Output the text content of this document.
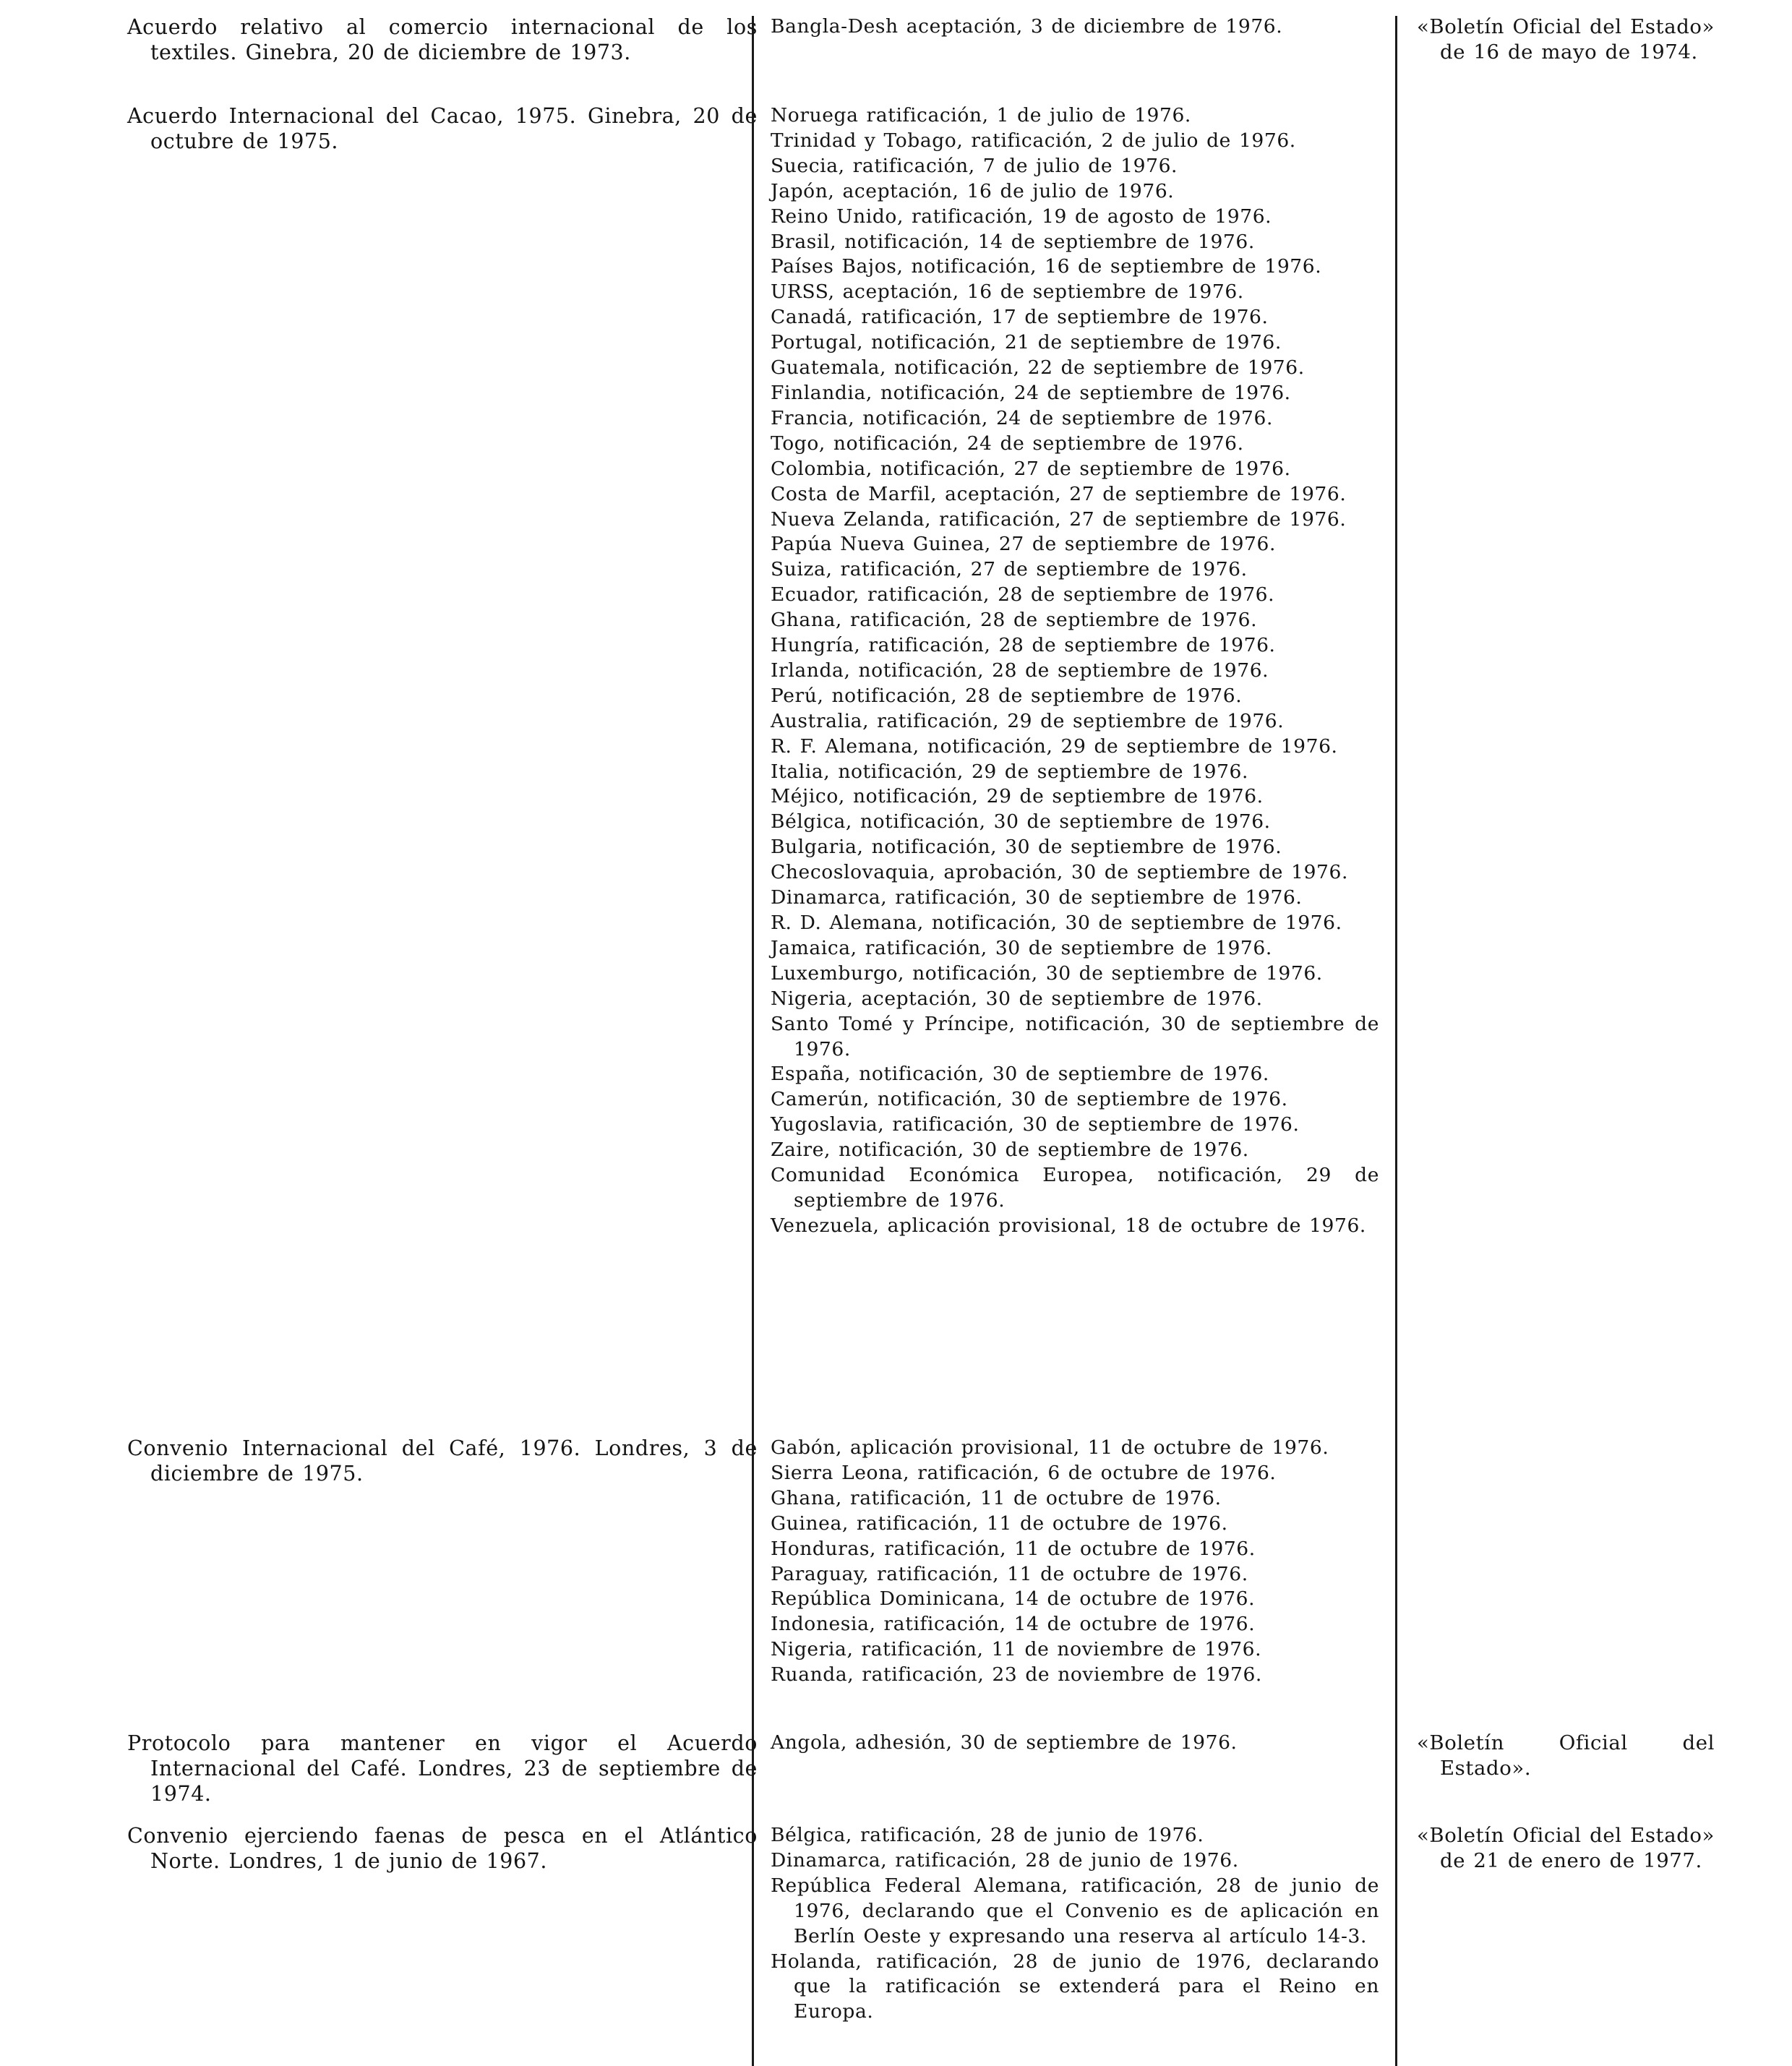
Acuerdo relativo al comercio internacional de los textiles. Ginebra, 20 de diciembre de 1973.

Bangla-Desh aceptación, 3 de diciembre de 1976.	«Boletín Oficial del Estado» de 16 de mayo de 1974.

Acuerdo Internacional del Cacao, 1975. Ginebra, 20 de octubre de 1975.

Noruega ratificación, 1 de julio de 1976.

Trinidad y Tobago, ratificación, 2 de julio de 1976.

Suecia, ratificación, 7 de julio de 1976.

Japón, aceptación, 16 de julio de 1976.

Reino Unido, ratificación, 19 de agosto de 1976.

Brasil, notificación, 14 de septiembre de 1976.

Países Bajos, notificación, 16 de septiembre de 1976.

URSS, aceptación, 16 de septiembre de 1976.

Canadá, ratificación, 17 de septiembre de 1976.

Portugal, notificación, 21 de septiembre de 1976.

Guatemala, notificación, 22 de septiembre de 1976.

Finlandia, notificación, 24 de septiembre de 1976.

Francia, notificación, 24 de septiembre de 1976.

Togo, notificación, 24 de septiembre de 1976.

Colombia, notificación, 27 de septiembre de 1976.

Costa de Marfil, aceptación, 27 de septiembre de 1976.

Nueva Zelanda, ratificación, 27 de septiembre de 1976.

Papúa Nueva Guinea, 27 de septiembre de 1976.

Suiza, ratificación, 27 de septiembre de 1976.

Ecuador, ratificación, 28 de septiembre de 1976.

Ghana, ratificación, 28 de septiembre de 1976.

Hungría, ratificación, 28 de septiembre de 1976.

Irlanda, notificación, 28 de septiembre de 1976.

Perú, notificación, 28 de septiembre de 1976.

Australia, ratificación, 29 de septiembre de 1976.

R. F. Alemana, notificación, 29 de septiembre de 1976.

Italia, notificación, 29 de septiembre de 1976.

Méjico, notificación, 29 de septiembre de 1976.

Bélgica, notificación, 30 de septiembre de 1976.

Bulgaria, notificación, 30 de septiembre de 1976.

Checoslovaquia, aprobación, 30 de septiembre de 1976.

Dinamarca, ratificación, 30 de septiembre de 1976.

R. D. Alemana, notificación, 30 de septiembre de 1976.

Jamaica, ratificación, 30 de septiembre de 1976.

Luxemburgo, notificación, 30 de septiembre de 1976.

Nigeria, aceptación, 30 de septiembre de 1976.

Santo Tomé y Príncipe, notificación, 30 de septiembre de 1976.

España, notificación, 30 de septiembre de 1976.

Camerún, notificación, 30 de septiembre de 1976.

Yugoslavia, ratificación, 30 de septiembre de 1976.

Zaire, notificación, 30 de septiembre de 1976.

Comunidad Económica Europea, notificación, 29 de septiembre de 1976.

Venezuela, aplicación provisional, 18 de octubre de 1976.

Convenio Internacional del Café, 1976. Londres, 3 de diciembre de 1975.

Gabón, aplicación provisional, 11 de octubre de 1976.

Sierra Leona, ratificación, 6 de octubre de 1976.

Ghana, ratificación, 11 de octubre de 1976.

Guinea, ratificación, 11 de octubre de 1976.

Honduras, ratificación, 11 de octubre de 1976.

Paraguay, ratificación, 11 de octubre de 1976.

República Dominicana, 14 de octubre de 1976.

Indonesia, ratificación, 14 de octubre de 1976.

Nigeria, ratificación, 11 de noviembre de 1976.

Ruanda, ratificación, 23 de noviembre de 1976.

Protocolo para mantener en vigor el Acuerdo Internacional del Café. Londres, 23 de septiembre de 1974.

Angola, adhesión, 30 de septiembre de 1976.	«Boletín Oficial del Estado».

Convenio ejerciendo faenas de pesca en el Atlántico Norte. Londres, 1 de junio de 1967.

Bélgica, ratificación, 28 de junio de 1976.

Dinamarca, ratificación, 28 de junio de 1976.

República Federal Alemana, ratificación, 28 de junio de 1976, declarando que el Convenio es de aplicación en Berlín Oeste y expresando una reserva al artículo 14-3.

Holanda, ratificación, 28 de junio de 1976, declarando que la ratificación se extenderá para el Reino en Europa.

«Boletín Oficial del Estado» de 21 de enero de 1977.
